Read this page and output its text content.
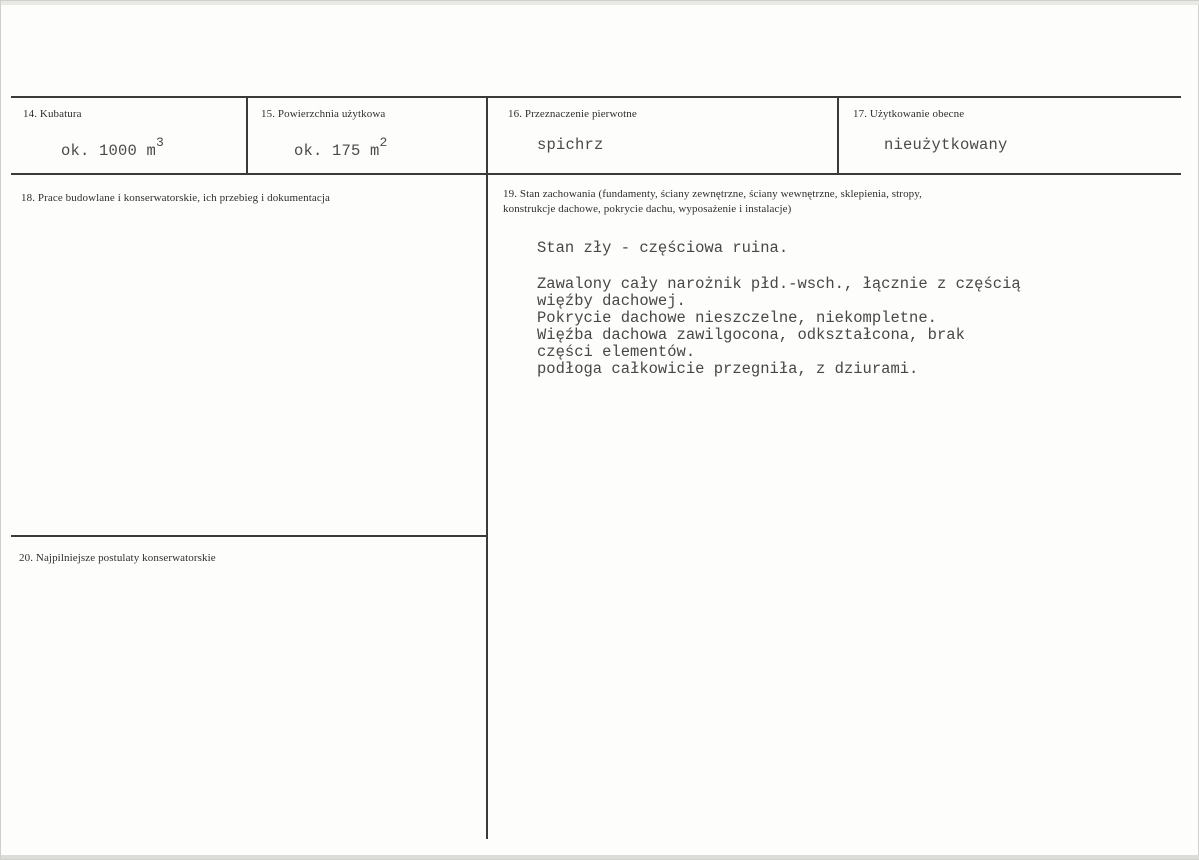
14. Kubatura
ok. 1000 $m^3$
15. Powierzchnia użytkowa
ok. 175 $m^2$
16. Przeznaczenie pierwotne
spichrz
17. Użytkowanie obecne
nieużytkowany
18. Prace budowlane i konserwatorskie, ich przebieg i dokumentacja	19. Stan zachowania (fundamenty, ściany zewnętrzne, ściany wewnętrzne, sklepienia, stropy,
konstrukcje dachowe, pokrycie dachu, wyposażenie i instalacje)
Stan zły - częściowa ruina.
Zawalony cały narożnik płd.-wsch., łącznie z częścią
więźby dachowej.
Pokrycie dachowe nieszczelne, niekompletne.
Więźba dachowa zawilgocona, odkształcona, brak
części elementów.
podłoga całkowicie przegniła, z dziurami.
20. Najpilniejsze postulaty konserwatorskie
